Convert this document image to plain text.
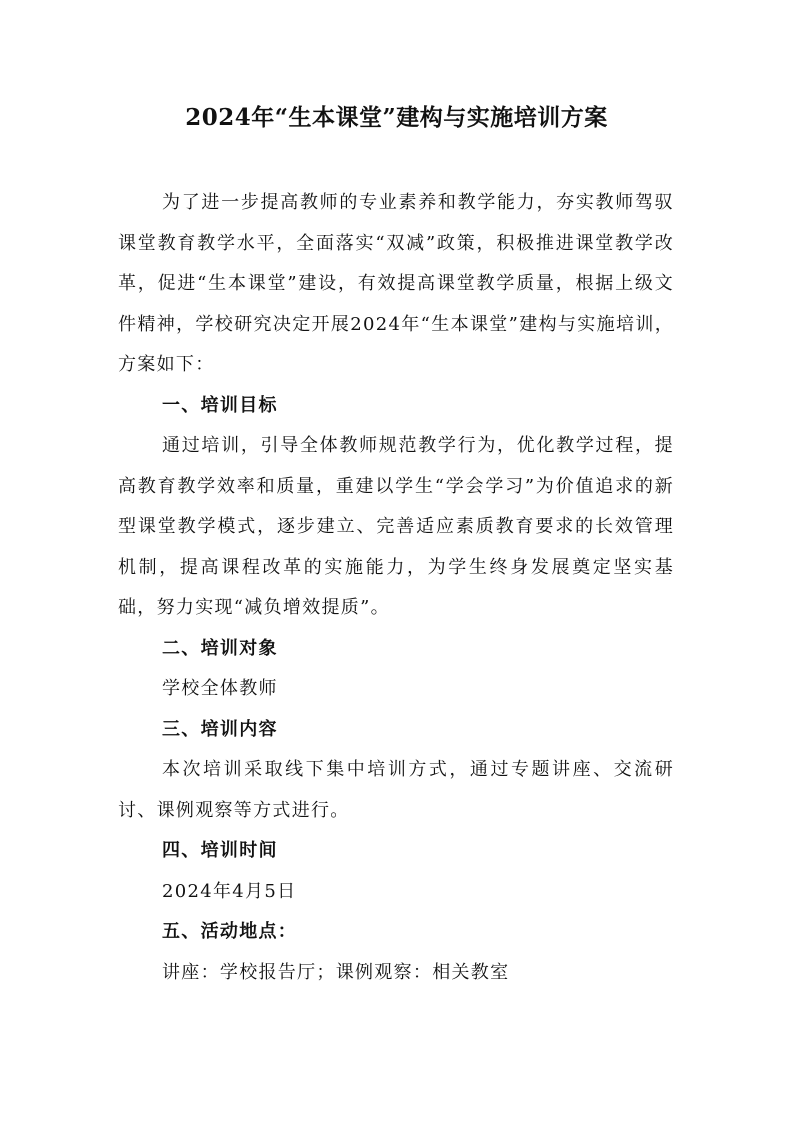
2024年“生本课堂”建构与实施培训方案

为了进一步提高教师的专业素养和教学能力，夯实教师驾驭课堂教育教学水平，全面落实“双减”政策，积极推进课堂教学改革，促进“生本课堂”建设，有效提高课堂教学质量，根据上级文件精神，学校研究决定开展2024年“生本课堂”建构与实施培训，方案如下：

一、培训目标

通过培训，引导全体教师规范教学行为，优化教学过程，提高教育教学效率和质量，重建以学生“学会学习”为价值追求的新型课堂教学模式，逐步建立、完善适应素质教育要求的长效管理机制，提高课程改革的实施能力，为学生终身发展奠定坚实基础，努力实现“减负增效提质”。

二、培训对象

学校全体教师

三、培训内容

本次培训采取线下集中培训方式，通过专题讲座、交流研讨、课例观察等方式进行。

四、培训时间

2024年4月5日

五、活动地点：

讲座：学校报告厅；课例观察：相关教室
